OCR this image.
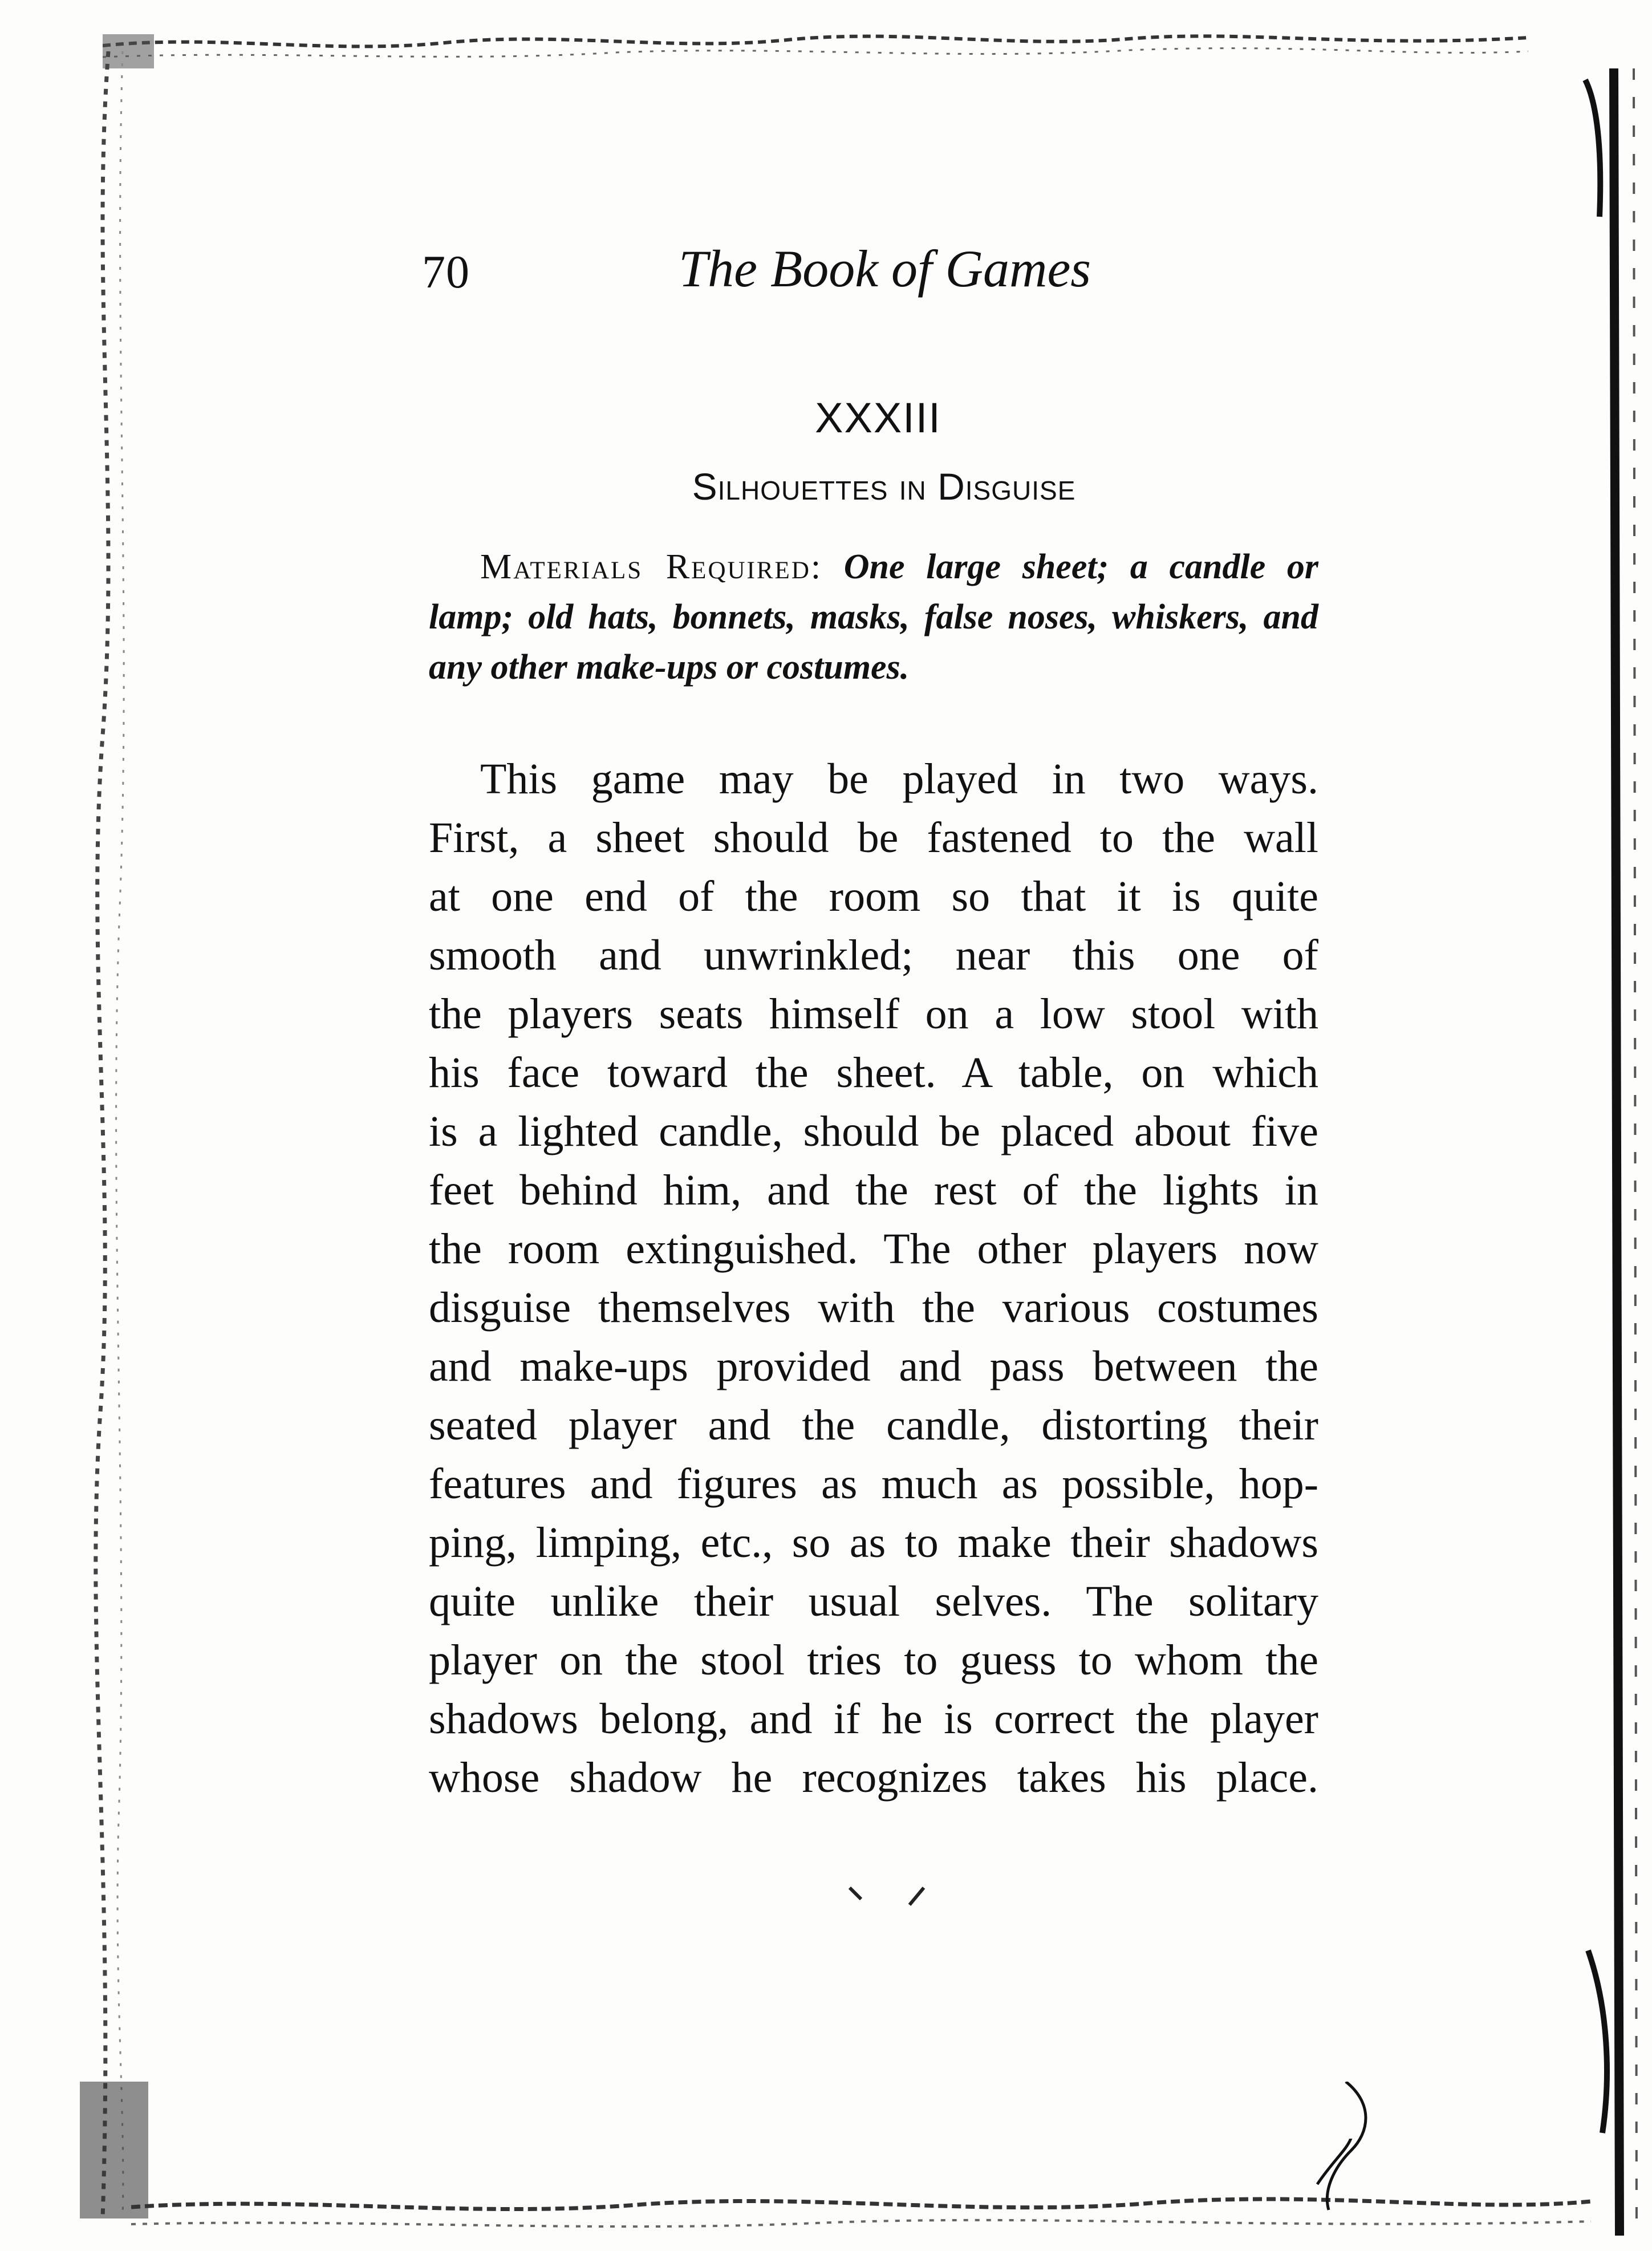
70	The Book of Games
XXXIII
Silhouettes in Disguise
Materials Required: One large sheet; a candle or lamp; old hats, bonnets, masks, false noses, whiskers, and any other make-ups or costumes.
This game may be played in two ways.
First, a sheet should be fastened to the wall
at one end of the room so that it is quite
smooth and unwrinkled; near this one of
the players seats himself on a low stool with
his face toward the sheet. A table, on which
is a lighted candle, should be placed about five
feet behind him, and the rest of the lights in
the room extinguished. The other players now
disguise themselves with the various costumes
and make-ups provided and pass between the
seated player and the candle, distorting their
features and figures as much as possible, hop-
ping, limping, etc., so as to make their shadows
quite unlike their usual selves. The solitary
player on the stool tries to guess to whom the
shadows belong, and if he is correct the player
whose shadow he recognizes takes his place.
